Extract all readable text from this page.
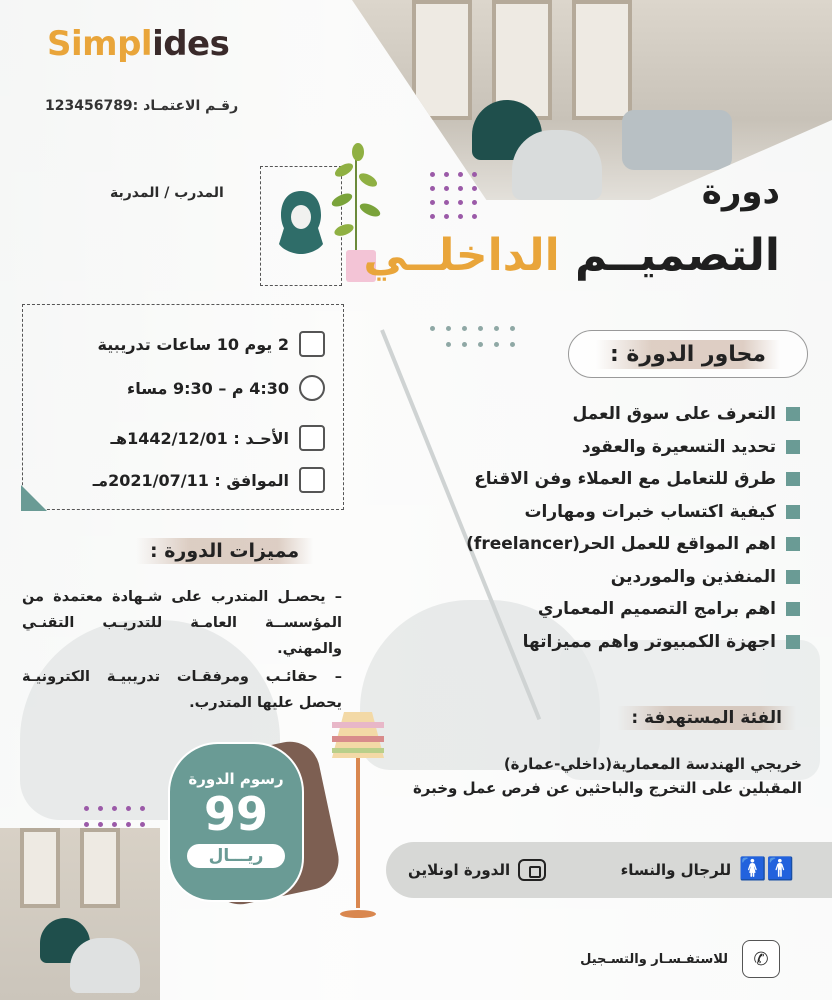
Simplides
رقـم الاعتمـاد :123456789
المدرب / المدربة	دورة
التصميــم الداخلــي
2 يوم 10 ساعات تدريبية
4:30 م – 9:30 مساء
الأحـد : 1442/12/01هـ
الموافق : 2021/07/11مـ
محاور الدورة :
التعرف على سوق العمل
تحديد التسعيرة والعقود
طرق للتعامل مع العملاء وفن الاقناع
كيفية اكتساب خبرات ومهارات
اهم المواقع للعمل الحر(freelancer)
المنفذين والموردين
اهم برامج التصميم المعماري
اجهزة الكمبيوتر واهم مميزاتها
مميزات الدورة :

– يحصـل المتدرب على شـهادة معتمدة من المؤسســة العامـة للتدريـب التقنـي والمهني.

– حقائـب ومرفقـات تدريبيـة الكترونيـة يحصل عليها المتدرب.

الفئة المستهدفة :
خريجي الهندسة المعمارية(داخلي-عمارة)
المقبلين على التخرج والباحثين عن فرص عمل وخبرة
رسوم الدورة
99
ريـــال
🚹🚺
للرجال والنساء
الدورة اونلاين
✆
للاستفـسـار والتسـجيل
